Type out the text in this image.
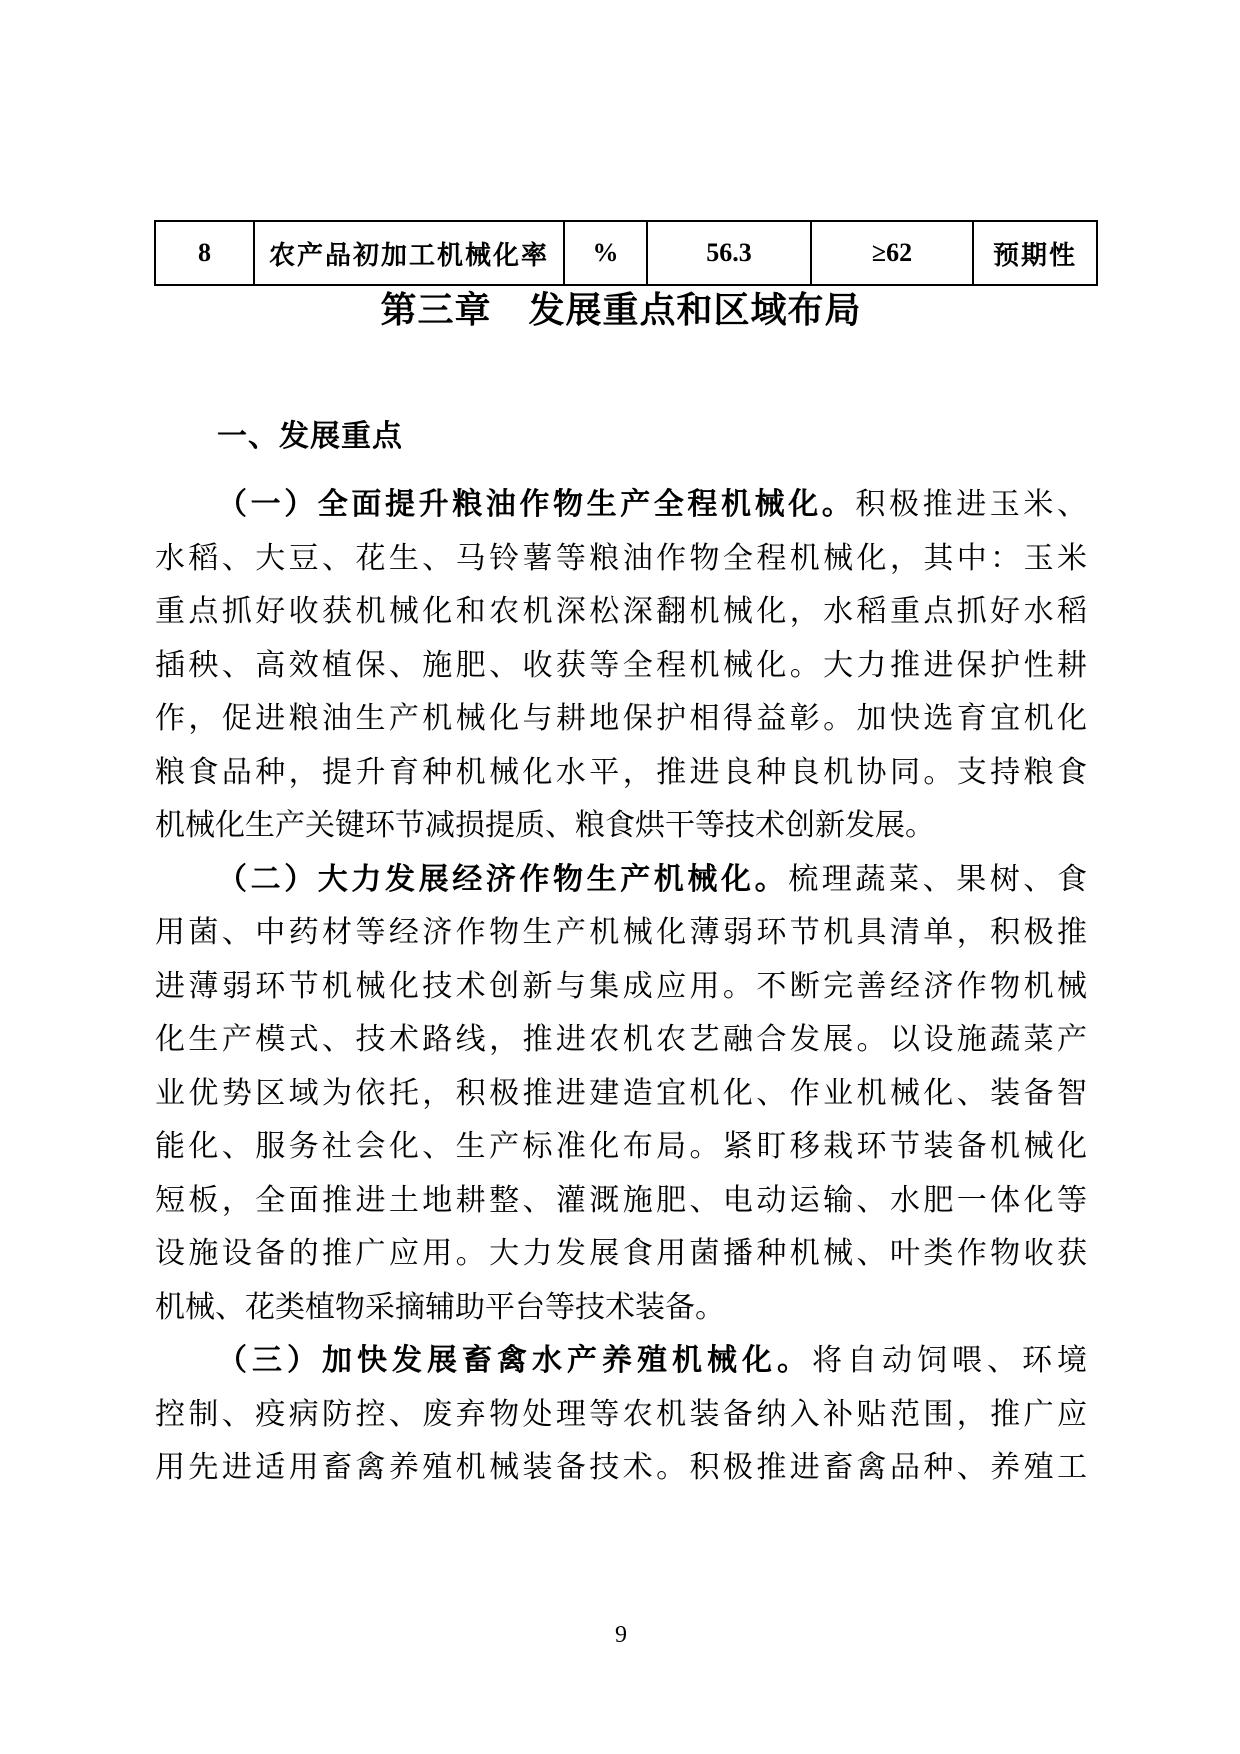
8	农产品初加工机械化率	%	56.3	≥62	预期性
第三章　发展重点和区域布局
一、发展重点
（一）全面提升粮油作物生产全程机械化。积极推进玉米、
水稻、大豆、花生、马铃薯等粮油作物全程机械化，其中：玉米
重点抓好收获机械化和农机深松深翻机械化，水稻重点抓好水稻
插秧、高效植保、施肥、收获等全程机械化。大力推进保护性耕
作，促进粮油生产机械化与耕地保护相得益彰。加快选育宜机化
粮食品种，提升育种机械化水平，推进良种良机协同。支持粮食
机械化生产关键环节减损提质、粮食烘干等技术创新发展。
（二）大力发展经济作物生产机械化。梳理蔬菜、果树、食
用菌、中药材等经济作物生产机械化薄弱环节机具清单，积极推
进薄弱环节机械化技术创新与集成应用。不断完善经济作物机械
化生产模式、技术路线，推进农机农艺融合发展。以设施蔬菜产
业优势区域为依托，积极推进建造宜机化、作业机械化、装备智
能化、服务社会化、生产标准化布局。紧盯移栽环节装备机械化
短板，全面推进土地耕整、灌溉施肥、电动运输、水肥一体化等
设施设备的推广应用。大力发展食用菌播种机械、叶类作物收获
机械、花类植物采摘辅助平台等技术装备。
（三）加快发展畜禽水产养殖机械化。将自动饲喂、环境
控制、疫病防控、废弃物处理等农机装备纳入补贴范围，推广应
用先进适用畜禽养殖机械装备技术。积极推进畜禽品种、养殖工
9
